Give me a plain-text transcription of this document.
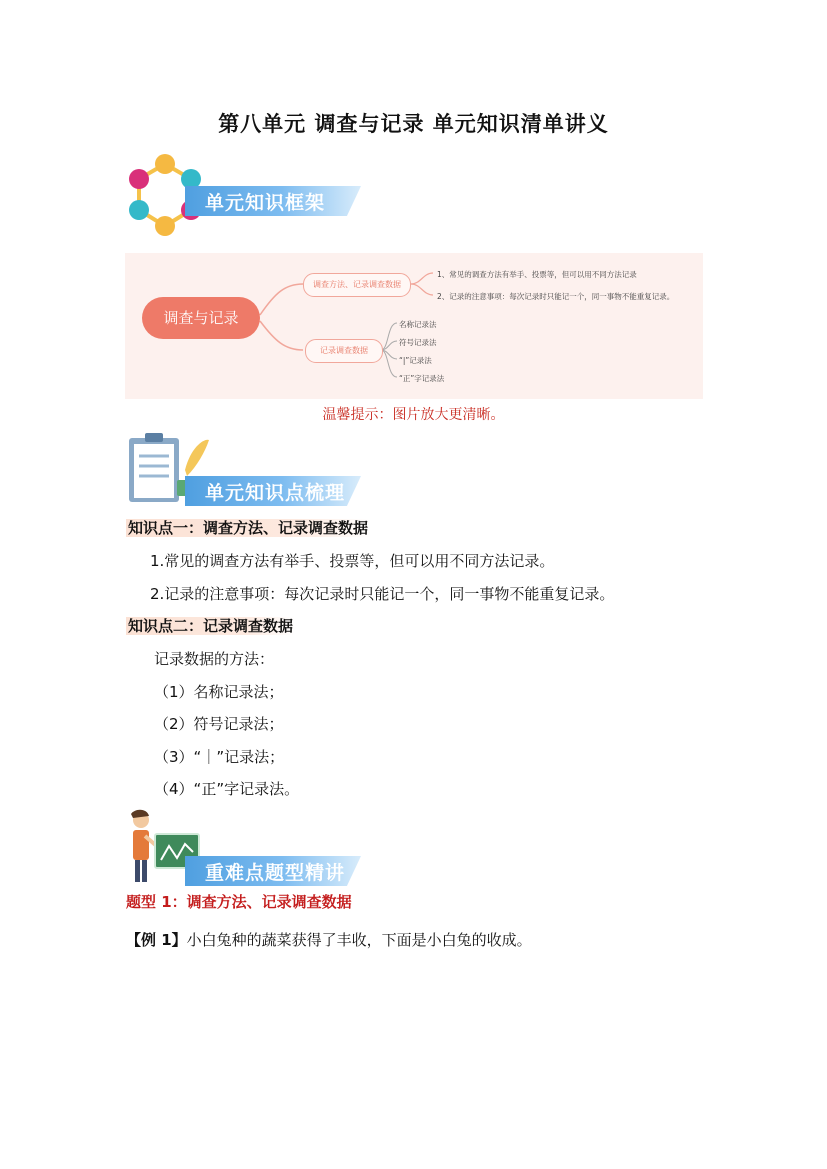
第八单元 调查与记录 单元知识清单讲义
单元知识框架
调查与记录
调查方法、记录调查数据
1、常见的调查方法有举手、投票等，但可以用不同方法记录
2、记录的注意事项：每次记录时只能记一个，同一事物不能重复记录。
记录调查数据
名称记录法
符号记录法
“|”记录法
“正”字记录法
温馨提示：图片放大更清晰。
单元知识点梳理
知识点一：调查方法、记录调查数据
1.常见的调查方法有举手、投票等，但可以用不同方法记录。
2.记录的注意事项：每次记录时只能记一个，同一事物不能重复记录。
知识点二：记录调查数据
记录数据的方法：
（1）名称记录法；
（2）符号记录法；
（3）“｜”记录法；
（4）“正”字记录法。
重难点题型精讲
题型 1：调查方法、记录调查数据
【例 1】小白兔种的蔬菜获得了丰收，下面是小白兔的收成。
